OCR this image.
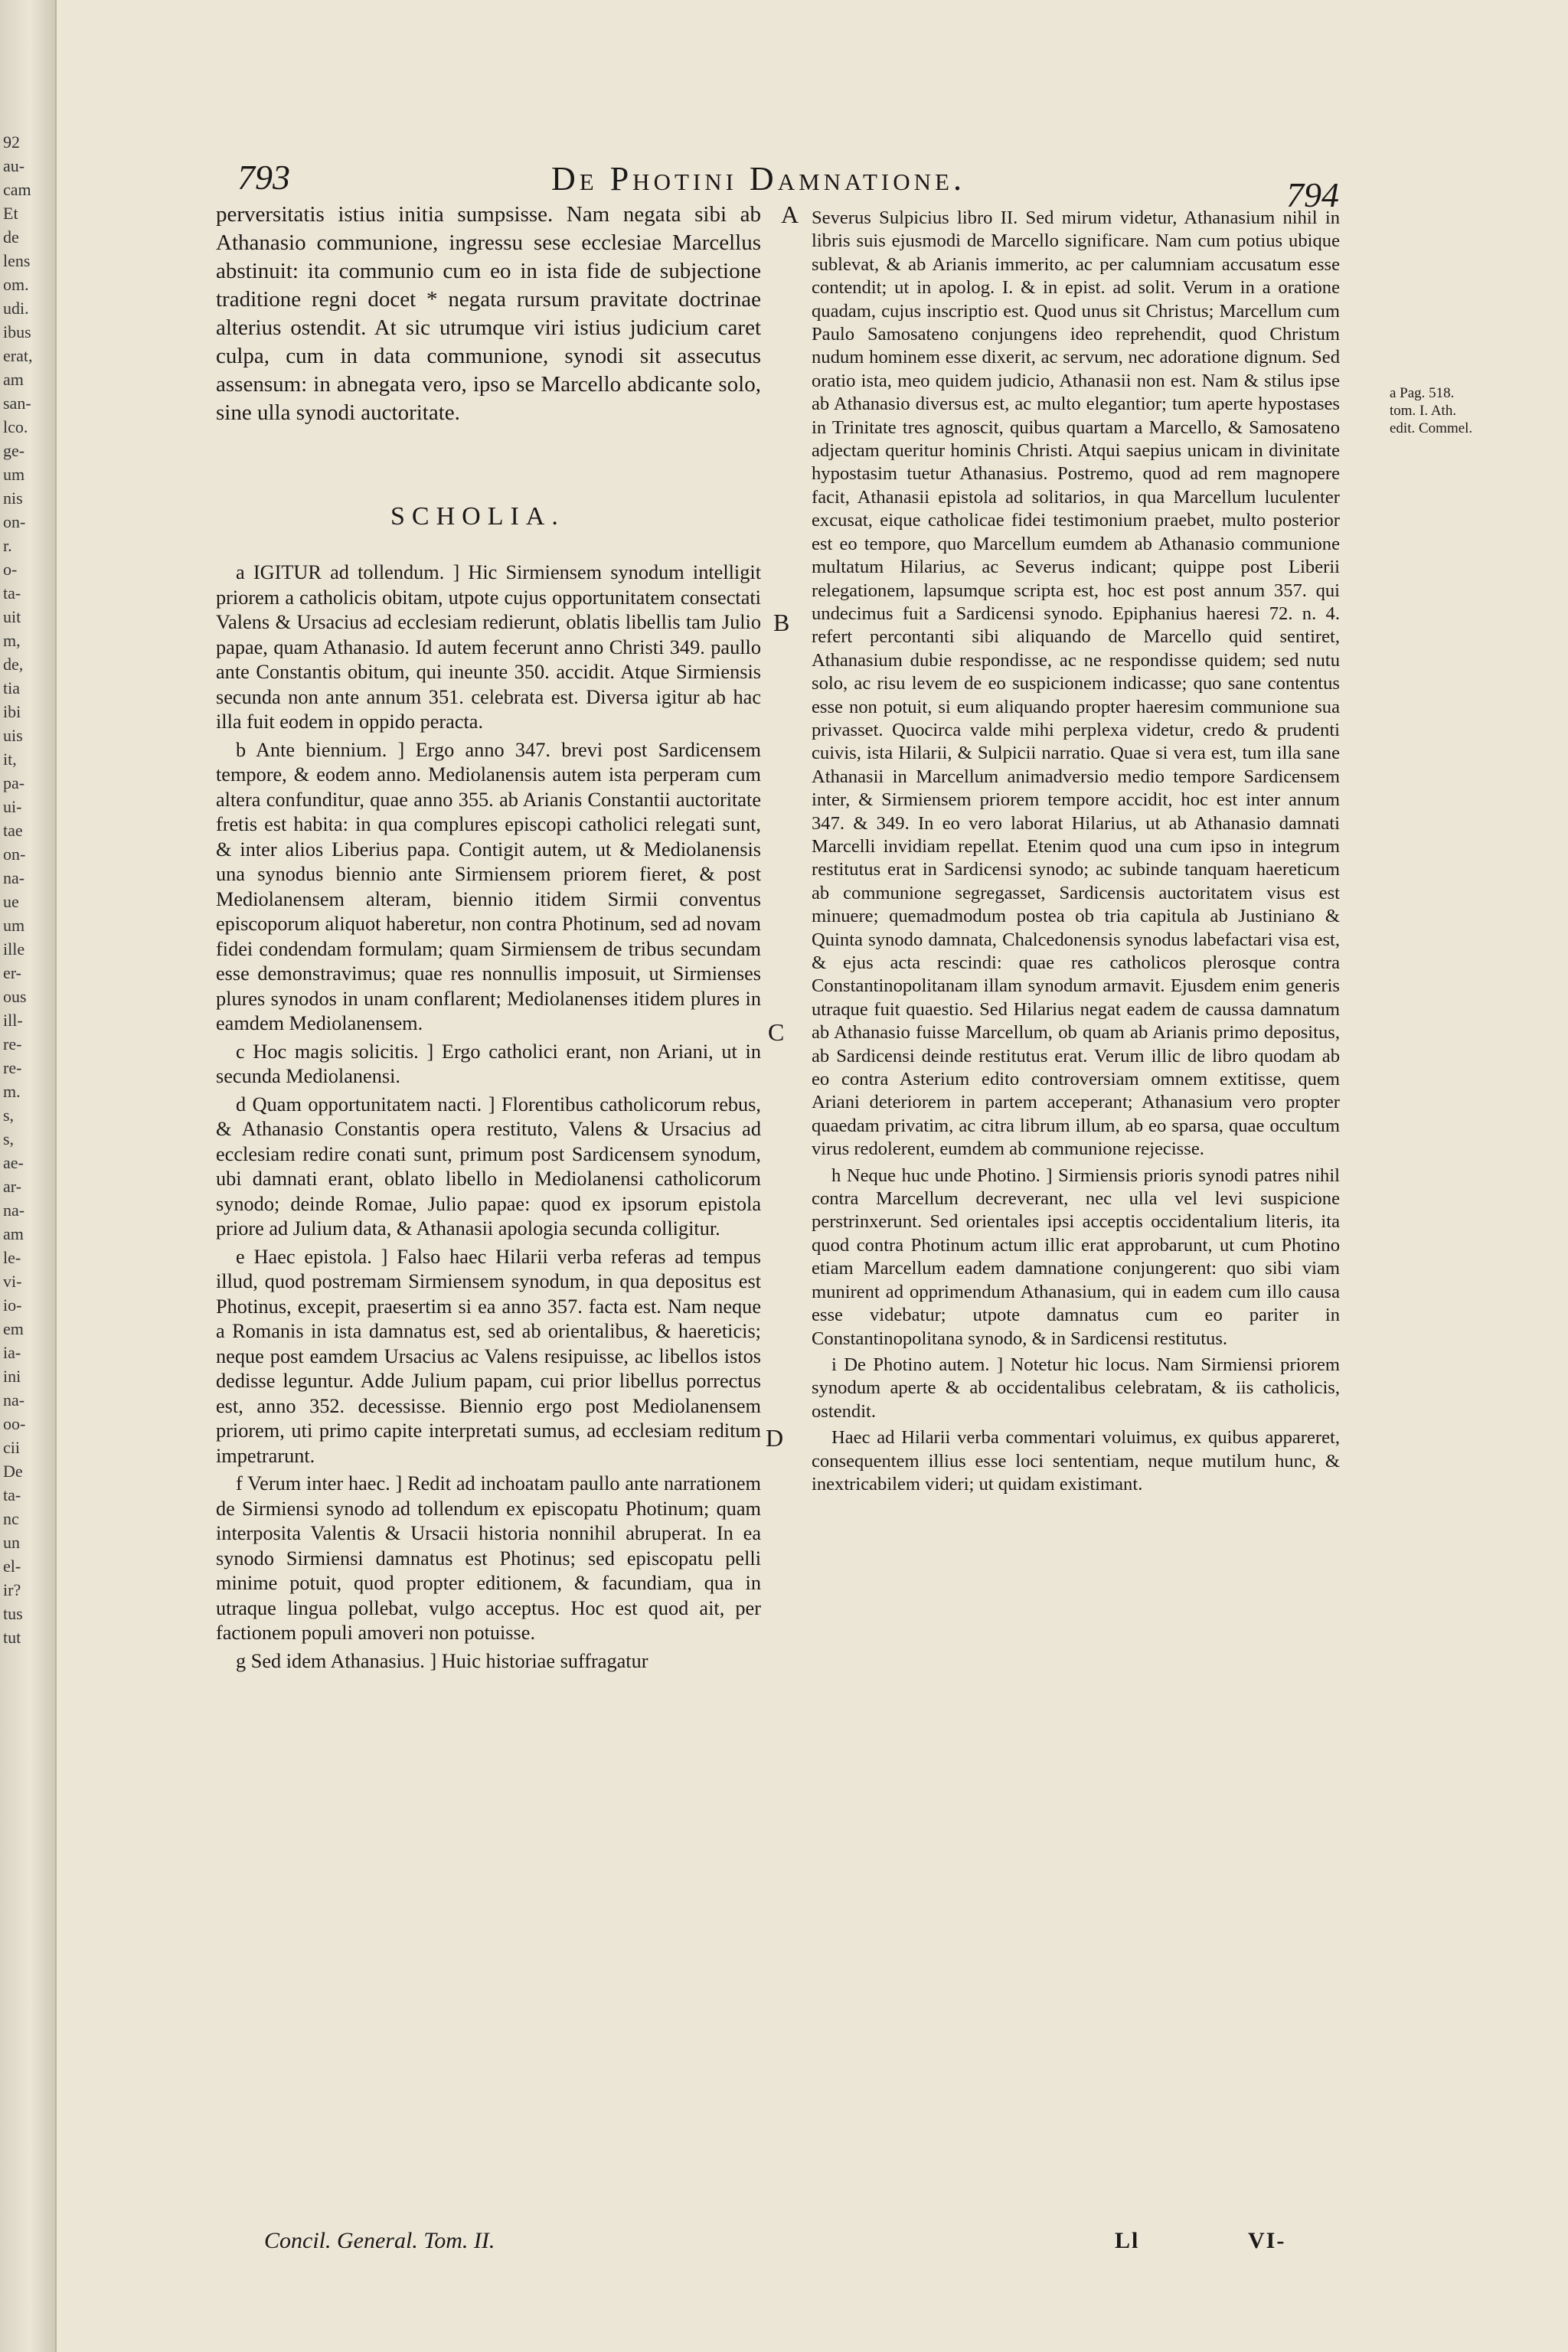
92
au-
cam
Et
de
lens
om.
udi.
ibus
erat,
am
san-
lco.
ge-
um
nis
on-
r.
o-
ta-
uit
m,
de,
tia
ibi
uis
it,
pa-
ui-
tae
on-
na-
ue
um
ille
er-
ous
ill-
re-
re-
m.
s,
s,
ae-
ar-
na-
am
le-
vi-
io-
em
ia-
ini
na-
oo-
cii
De
ta-
nc
un
el-
ir?
tus
tut
793	De Photini Damnatione.	794

perversitatis istius initia sumpsisse. Nam negata sibi ab Athanasio communione, ingressu sese ecclesiae Marcellus abstinuit: ita communio cum eo in ista fide de subjectione traditione regni docet * negata rursum pravitate doctrinae alterius ostendit. At sic utrumque viri istius judicium caret culpa, cum in data communione, synodi sit assecutus assensum: in abnegata vero, ipso se Marcello abdicante solo, sine ulla synodi auctoritate.

SCHOLIA.

a IGITUR ad tollendum. ] Hic Sirmiensem synodum intelligit priorem a catholicis obitam, utpote cujus opportunitatem consectati Valens & Ursacius ad ecclesiam redierunt, oblatis libellis tam Julio papae, quam Athanasio. Id autem fecerunt anno Christi 349. paullo ante Constantis obitum, qui ineunte 350. accidit. Atque Sirmiensis secunda non ante annum 351. celebrata est. Diversa igitur ab hac illa fuit eodem in oppido peracta.

b Ante biennium. ] Ergo anno 347. brevi post Sardicensem tempore, & eodem anno. Mediolanensis autem ista perperam cum altera confunditur, quae anno 355. ab Arianis Constantii auctoritate fretis est habita: in qua complures episcopi catholici relegati sunt, & inter alios Liberius papa. Contigit autem, ut & Mediolanensis una synodus biennio ante Sirmiensem priorem fieret, & post Mediolanensem alteram, biennio itidem Sirmii conventus episcoporum aliquot haberetur, non contra Photinum, sed ad novam fidei condendam formulam; quam Sirmiensem de tribus secundam esse demonstravimus; quae res nonnullis imposuit, ut Sirmienses plures synodos in unam conflarent; Mediolanenses itidem plures in eamdem Mediolanensem.

c Hoc magis solicitis. ] Ergo catholici erant, non Ariani, ut in secunda Mediolanensi.

d Quam opportunitatem nacti. ] Florentibus catholicorum rebus, & Athanasio Constantis opera restituto, Valens & Ursacius ad ecclesiam redire conati sunt, primum post Sardicensem synodum, ubi damnati erant, oblato libello in Mediolanensi catholicorum synodo; deinde Romae, Julio papae: quod ex ipsorum epistola priore ad Julium data, & Athanasii apologia secunda colligitur.

e Haec epistola. ] Falso haec Hilarii verba referas ad tempus illud, quod postremam Sirmiensem synodum, in qua depositus est Photinus, excepit, praesertim si ea anno 357. facta est. Nam neque a Romanis in ista damnatus est, sed ab orientalibus, & haereticis; neque post eamdem Ursacius ac Valens resipuisse, ac libellos istos dedisse leguntur. Adde Julium papam, cui prior libellus porrectus est, anno 352. decessisse. Biennio ergo post Mediolanensem priorem, uti primo capite interpretati sumus, ad ecclesiam reditum impetrarunt.

f Verum inter haec. ] Redit ad inchoatam paullo ante narrationem de Sirmiensi synodo ad tollendum ex episcopatu Photinum; quam interposita Valentis & Ursacii historia nonnihil abruperat. In ea synodo Sirmiensi damnatus est Photinus; sed episcopatu pelli minime potuit, quod propter editionem, & facundiam, qua in utraque lingua pollebat, vulgo acceptus. Hoc est quod ait, per factionem populi amoveri non potuisse.

g Sed idem Athanasius. ] Huic historiae suffragatur

A
B
C
D

Severus Sulpicius libro II. Sed mirum videtur, Athanasium nihil in libris suis ejusmodi de Marcello significare. Nam cum potius ubique sublevat, & ab Arianis immerito, ac per calumniam accusatum esse contendit; ut in apolog. I. & in epist. ad solit. Verum in a oratione quadam, cujus inscriptio est. Quod unus sit Christus; Marcellum cum Paulo Samosateno conjungens ideo reprehendit, quod Christum nudum hominem esse dixerit, ac servum, nec adoratione dignum. Sed oratio ista, meo quidem judicio, Athanasii non est. Nam & stilus ipse ab Athanasio diversus est, ac multo elegantior; tum aperte hypostases in Trinitate tres agnoscit, quibus quartam a Marcello, & Samosateno adjectam queritur hominis Christi. Atqui saepius unicam in divinitate hypostasim tuetur Athanasius. Postremo, quod ad rem magnopere facit, Athanasii epistola ad solitarios, in qua Marcellum luculenter excusat, eique catholicae fidei testimonium praebet, multo posterior est eo tempore, quo Marcellum eumdem ab Athanasio communione multatum Hilarius, ac Severus indicant; quippe post Liberii relegationem, lapsumque scripta est, hoc est post annum 357. qui undecimus fuit a Sardicensi synodo. Epiphanius haeresi 72. n. 4. refert percontanti sibi aliquando de Marcello quid sentiret, Athanasium dubie respondisse, ac ne respondisse quidem; sed nutu solo, ac risu levem de eo suspicionem indicasse; quo sane contentus esse non potuit, si eum aliquando propter haeresim communione sua privasset. Quocirca valde mihi perplexa videtur, credo & prudenti cuivis, ista Hilarii, & Sulpicii narratio. Quae si vera est, tum illa sane Athanasii in Marcellum animadversio medio tempore Sardicensem inter, & Sirmiensem priorem tempore accidit, hoc est inter annum 347. & 349. In eo vero laborat Hilarius, ut ab Athanasio damnati Marcelli invidiam repellat. Etenim quod una cum ipso in integrum restitutus erat in Sardicensi synodo; ac subinde tanquam haereticum ab communione segregasset, Sardicensis auctoritatem visus est minuere; quemadmodum postea ob tria capitula ab Justiniano & Quinta synodo damnata, Chalcedonensis synodus labefactari visa est, & ejus acta rescindi: quae res catholicos plerosque contra Constantinopolitanam illam synodum armavit. Ejusdem enim generis utraque fuit quaestio. Sed Hilarius negat eadem de caussa damnatum ab Athanasio fuisse Marcellum, ob quam ab Arianis primo depositus, ab Sardicensi deinde restitutus erat. Verum illic de libro quodam ab eo contra Asterium edito controversiam omnem extitisse, quem Ariani deteriorem in partem acceperant; Athanasium vero propter quaedam privatim, ac citra librum illum, ab eo sparsa, quae occultum virus redolerent, eumdem ab communione rejecisse.

h Neque huc unde Photino. ] Sirmiensis prioris synodi patres nihil contra Marcellum decreverant, nec ulla vel levi suspicione perstrinxerunt. Sed orientales ipsi acceptis occidentalium literis, ita quod contra Photinum actum illic erat approbarunt, ut cum Photino etiam Marcellum eadem damnatione conjungerent: quo sibi viam munirent ad opprimendum Athanasium, qui in eadem cum illo causa esse videbatur; utpote damnatus cum eo pariter in Constantinopolitana synodo, & in Sardicensi restitutus.

i De Photino autem. ] Notetur hic locus. Nam Sirmiensi priorem synodum aperte & ab occidentalibus celebratam, & iis catholicis, ostendit.

Haec ad Hilarii verba commentari voluimus, ex quibus appareret, consequentem illius esse loci sententiam, neque mutilum hunc, & inextricabilem videri; ut quidam existimant.

a Pag. 518. tom. I. Ath. edit. Commel.
Concil. General. Tom. II.	Ll	VI-
